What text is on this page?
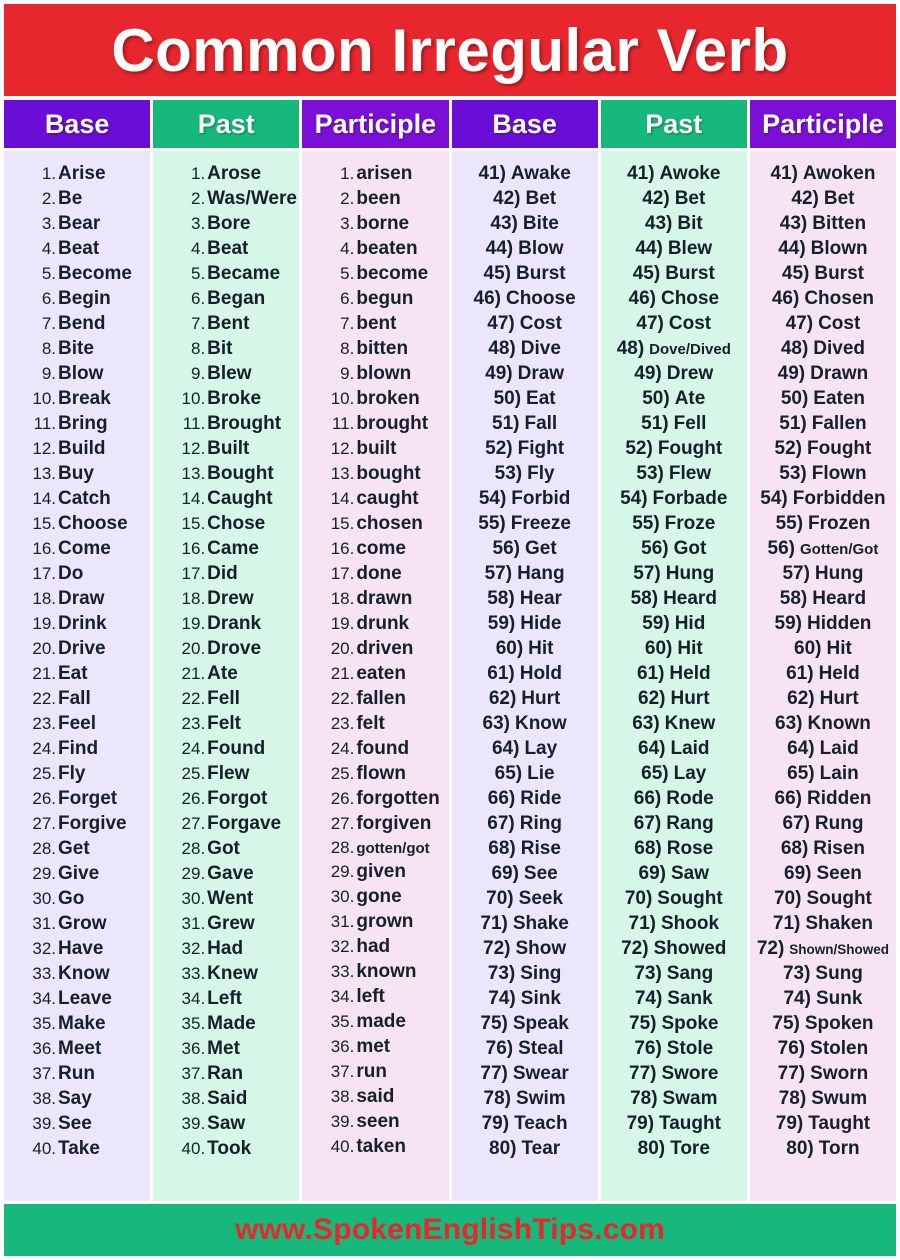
Common Irregular Verb
Base	Past Participle Base	Past Participle
1. Arise
2. Be
3. Bear
4. Beat
5. Become
6. Begin
7. Bend
8. Bite
9. Blow
10. Break
11. Bring
12. Build
13. Buy
14. Catch
15. Choose
16. Come
17. Do
18. Draw
19. Drink
20. Drive
21. Eat
22. Fall
23. Feel
24. Find
25. Fly
26. Forget
27. Forgive
28. Get
29. Give
30. Go
31. Grow
32. Have
33. Know
34. Leave
35. Make
36. Meet
37. Run
38. Say
39. See
40. Take
1. Arose
2. Was/Were
3. Bore
4. Beat
5. Became
6. Began
7. Bent
8. Bit
9. Blew
10. Broke
11. Brought
12. Built
13. Bought
14. Caught
15. Chose
16. Came
17. Did
18. Drew
19. Drank
20. Drove
21. Ate
22. Fell
23. Felt
24. Found
25. Flew
26. Forgot
27. Forgave
28. Got
29. Gave
30. Went
31. Grew
32. Had
33. Knew
34. Left
35. Made
36. Met
37. Ran
38. Said
39. Saw
40. Took
1. arisen
2. been
3. borne
4. beaten
5. become
6. begun
7. bent
8. bitten
9. blown
10. broken
11. brought
12. built
13. bought
14. caught
15. chosen
16. come
17. done
18. drawn
19. drunk
20. driven
21. eaten
22. fallen
23. felt
24. found
25. flown
26. forgotten
27. forgiven
28. gotten/got
29. given
30. gone
31. grown
32. had
33. known
34. left
35. made
36. met
37. run
38. said
39. seen
40. taken
41) Awake
42) Bet
43) Bite
44) Blow
45) Burst
46) Choose
47) Cost
48) Dive
49) Draw
50) Eat
51) Fall
52) Fight
53) Fly
54) Forbid
55) Freeze
56) Get
57) Hang
58) Hear
59) Hide
60) Hit
61) Hold
62) Hurt
63) Know
64) Lay
65) Lie
66) Ride
67) Ring
68) Rise
69) See
70) Seek
71) Shake
72) Show
73) Sing
74) Sink
75) Speak
76) Steal
77) Swear
78) Swim
79) Teach
80) Tear
41) Awoke
42) Bet
43) Bit
44) Blew
45) Burst
46) Chose
47) Cost
48) Dove/Dived
49) Drew
50) Ate
51) Fell
52) Fought
53) Flew
54) Forbade
55) Froze
56) Got
57) Hung
58) Heard
59) Hid
60) Hit
61) Held
62) Hurt
63) Knew
64) Laid
65) Lay
66) Rode
67) Rang
68) Rose
69) Saw
70) Sought
71) Shook
72) Showed
73) Sang
74) Sank
75) Spoke
76) Stole
77) Swore
78) Swam
79) Taught
80) Tore
41) Awoken
42) Bet
43) Bitten
44) Blown
45) Burst
46) Chosen
47) Cost
48) Dived
49) Drawn
50) Eaten
51) Fallen
52) Fought
53) Flown
54) Forbidden
55) Frozen
56) Gotten/Got
57) Hung
58) Heard
59) Hidden
60) Hit
61) Held
62) Hurt
63) Known
64) Laid
65) Lain
66) Ridden
67) Rung
68) Risen
69) Seen
70) Sought
71) Shaken
72) Shown/Showed
73) Sung
74) Sunk
75) Spoken
76) Stolen
77) Sworn
78) Swum
79) Taught
80) Torn
www.SpokenEnglishTips.com
